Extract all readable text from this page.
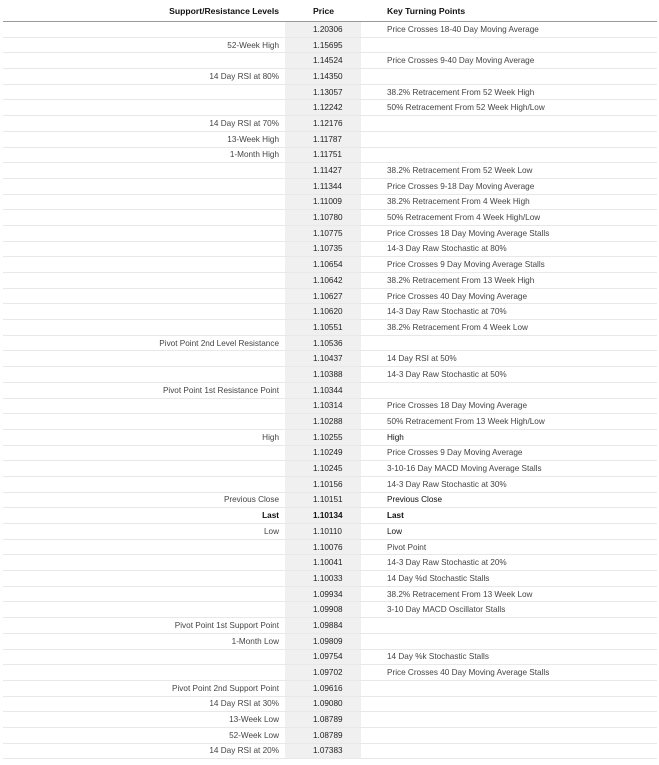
Support/Resistance Levels	Price	Key Turning Points
	1.20306	Price Crosses 18-40 Day Moving Average
52-Week High	1.15695	
	1.14524	Price Crosses 9-40 Day Moving Average
14 Day RSI at 80%	1.14350	
	1.13057	38.2% Retracement From 52 Week High
	1.12242	50% Retracement From 52 Week High/Low
14 Day RSI at 70%	1.12176	
13-Week High	1.11787	
1-Month High	1.11751	
	1.11427	38.2% Retracement From 52 Week Low
	1.11344	Price Crosses 9-18 Day Moving Average
	1.11009	38.2% Retracement From 4 Week High
	1.10780	50% Retracement From 4 Week High/Low
	1.10775	Price Crosses 18 Day Moving Average Stalls
	1.10735	14-3 Day Raw Stochastic at 80%
	1.10654	Price Crosses 9 Day Moving Average Stalls
	1.10642	38.2% Retracement From 13 Week High
	1.10627	Price Crosses 40 Day Moving Average
	1.10620	14-3 Day Raw Stochastic at 70%
	1.10551	38.2% Retracement From 4 Week Low
Pivot Point 2nd Level Resistance	1.10536	
	1.10437	14 Day RSI at 50%
	1.10388	14-3 Day Raw Stochastic at 50%
Pivot Point 1st Resistance Point	1.10344	
	1.10314	Price Crosses 18 Day Moving Average
	1.10288	50% Retracement From 13 Week High/Low
High	1.10255	High
	1.10249	Price Crosses 9 Day Moving Average
	1.10245	3-10-16 Day MACD Moving Average Stalls
	1.10156	14-3 Day Raw Stochastic at 30%
Previous Close	1.10151	Previous Close
Last	1.10134	Last
Low	1.10110	Low
	1.10076	Pivot Point
	1.10041	14-3 Day Raw Stochastic at 20%
	1.10033	14 Day %d Stochastic Stalls
	1.09934	38.2% Retracement From 13 Week Low
	1.09908	3-10 Day MACD Oscillator Stalls
Pivot Point 1st Support Point	1.09884	
1-Month Low	1.09809	
	1.09754	14 Day %k Stochastic Stalls
	1.09702	Price Crosses 40 Day Moving Average Stalls
Pivot Point 2nd Support Point	1.09616	
14 Day RSI at 30%	1.09080	
13-Week Low	1.08789	
52-Week Low	1.08789	
14 Day RSI at 20%	1.07383	
